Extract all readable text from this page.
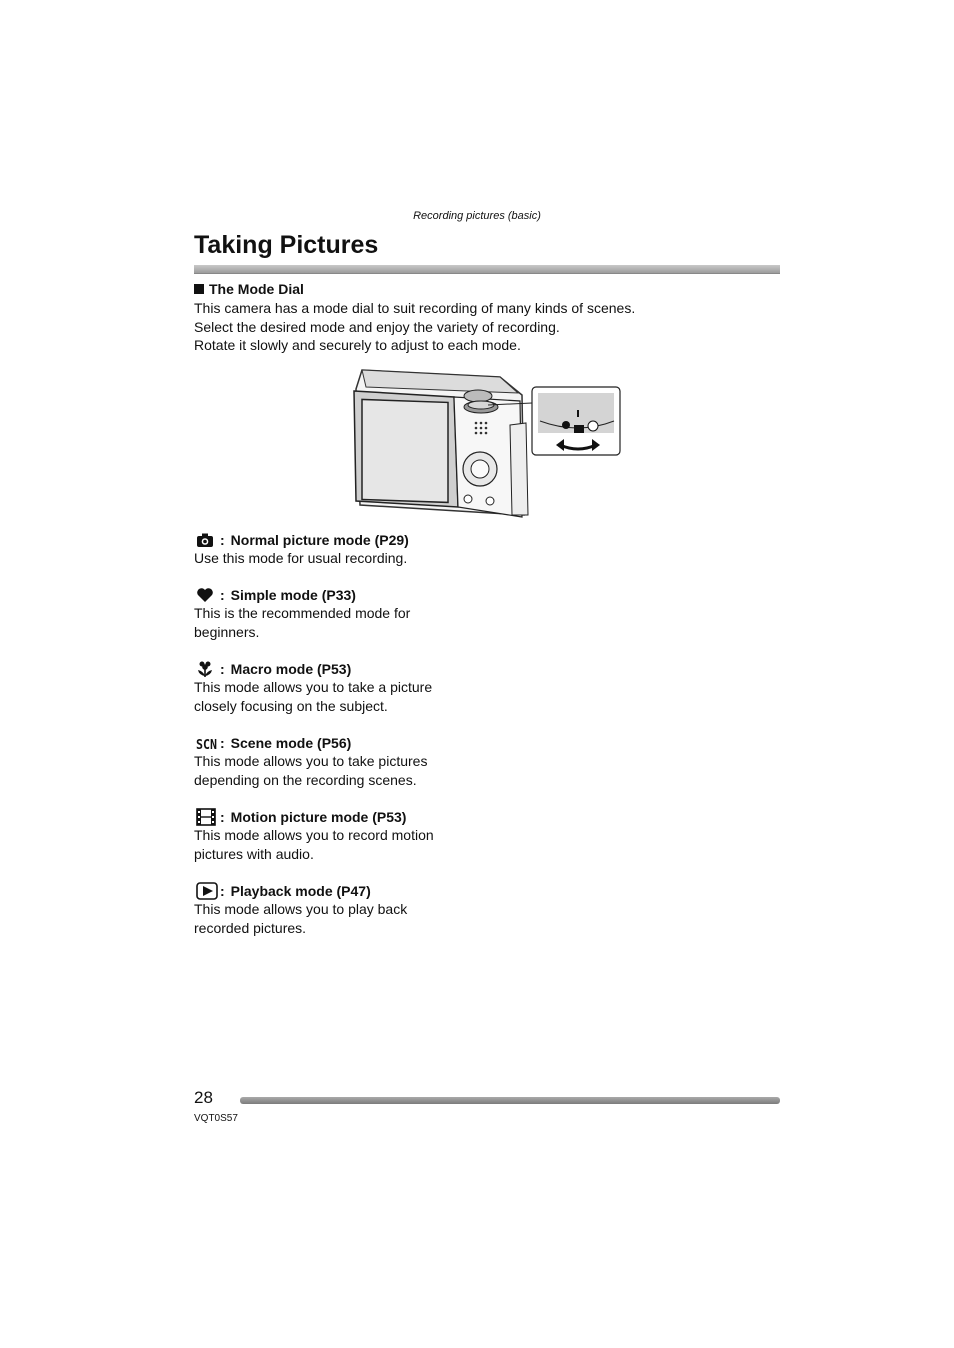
Recording pictures (basic)
Taking Pictures
The Mode Dial
This camera has a mode dial to suit recording of many kinds of scenes.
Select the desired mode and enjoy the variety of recording.
Rotate it slowly and securely to adjust to each mode.
: Normal picture mode (P29)
Use this mode for usual recording.
: Simple mode (P33)
This is the recommended mode for
beginners.
: Macro mode (P53)
This mode allows you to take a picture
closely focusing on the subject.
SCN : Scene mode (P56)
This mode allows you to take pictures
depending on the recording scenes.
: Motion picture mode (P53)
This mode allows you to record motion
pictures with audio.
: Playback mode (P47)
This mode allows you to play back
recorded pictures.
28
VQT0S57
